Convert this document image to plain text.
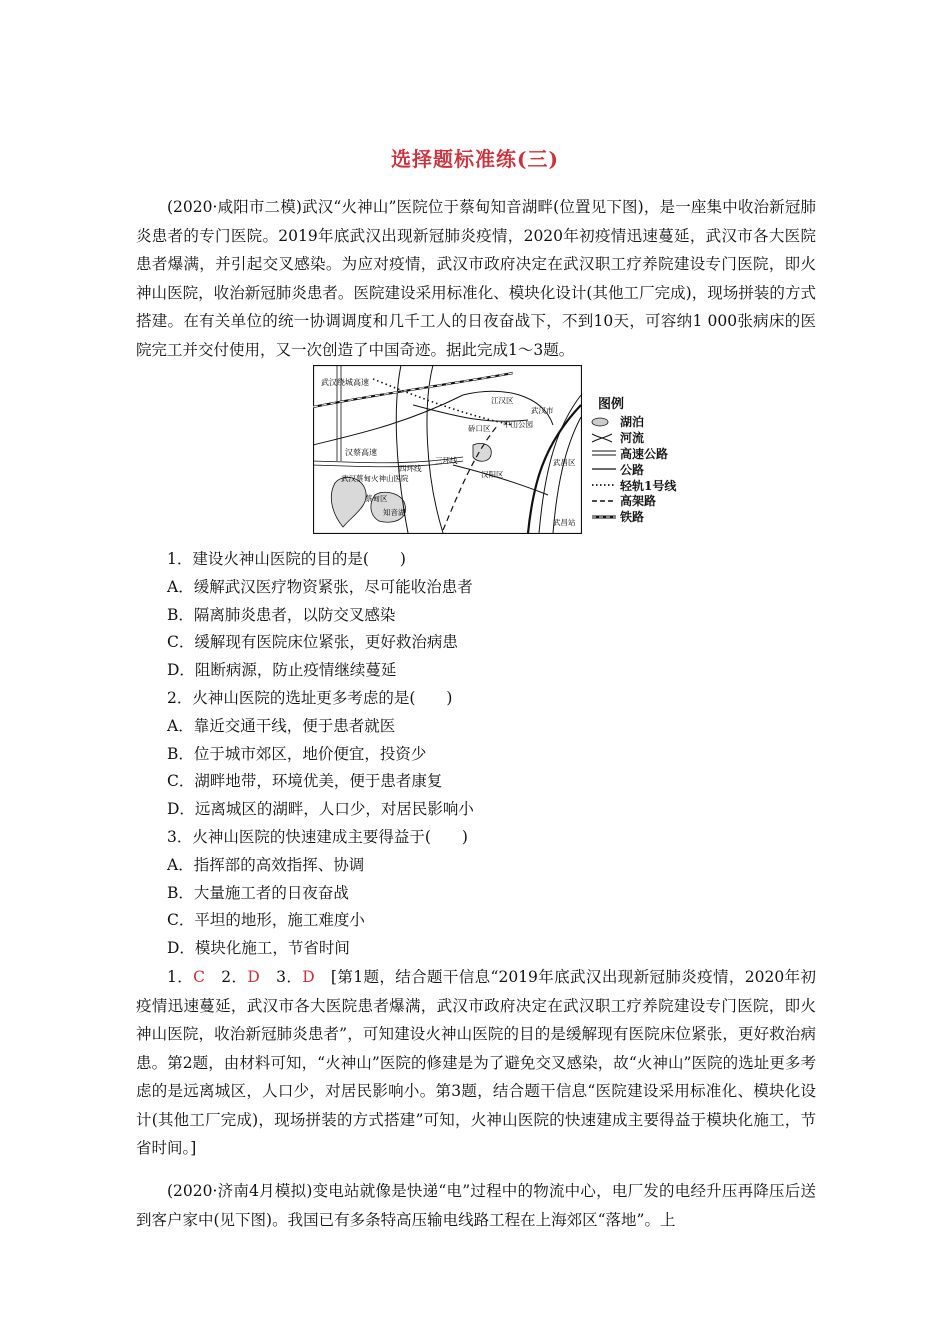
选择题标准练(三)
(2020·咸阳市二模)武汉“火神山”医院位于蔡甸知音湖畔(位置见下图)，是一座集中收治新冠肺炎患者的专门医院。2019年底武汉出现新冠肺炎疫情，2020年初疫情迅速蔓延，武汉市各大医院患者爆满，并引起交叉感染。为应对疫情，武汉市政府决定在武汉职工疗养院建设专门医院，即火神山医院，收治新冠肺炎患者。医院建设采用标准化、模块化设计(其他工厂完成)，现场拼装的方式搭建。在有关单位的统一协调调度和几千工人的日夜奋战下，不到10天，可容纳1 000张病床的医院完工并交付使用，又一次创造了中国奇迹。据此完成1～3题。
武汉绕城高速
汉蔡高速
武汉蔡甸火神山医院
蔡甸区
知音湖
四环线
三环线
江汉区
武汉市
硚口区 中山公园
汉阳区
武昌区
武昌站
图例
湖泊
河流
高速公路
公路
轻轨1号线
高架路
铁路
1．建设火神山医院的目的是(　　)
A．缓解武汉医疗物资紧张，尽可能收治患者
B．隔离肺炎患者，以防交叉感染
C．缓解现有医院床位紧张，更好救治病患
D．阻断病源，防止疫情继续蔓延
2．火神山医院的选址更多考虑的是(　　)
A．靠近交通干线，便于患者就医
B．位于城市郊区，地价便宜，投资少
C．湖畔地带，环境优美，便于患者康复
D．远离城区的湖畔，人口少，对居民影响小
3．火神山医院的快速建成主要得益于(　　)
A．指挥部的高效指挥、协调
B．大量施工者的日夜奋战
C．平坦的地形，施工难度小
D．模块化施工，节省时间
1．C　2．D　3．D　[第1题，结合题干信息“2019年底武汉出现新冠肺炎疫情，2020年初疫情迅速蔓延，武汉市各大医院患者爆满，武汉市政府决定在武汉职工疗养院建设专门医院，即火神山医院，收治新冠肺炎患者”，可知建设火神山医院的目的是缓解现有医院床位紧张，更好救治病患。第2题，由材料可知，“火神山”医院的修建是为了避免交叉感染，故“火神山”医院的选址更多考虑的是远离城区，人口少，对居民影响小。第3题，结合题干信息“医院建设采用标准化、模块化设计(其他工厂完成)，现场拼装的方式搭建”可知，火神山医院的快速建成主要得益于模块化施工，节省时间。]
(2020·济南4月模拟)变电站就像是快递“电”过程中的物流中心，电厂发的电经升压再降压后送到客户家中(见下图)。我国已有多条特高压输电线路工程在上海郊区“落地”。上
